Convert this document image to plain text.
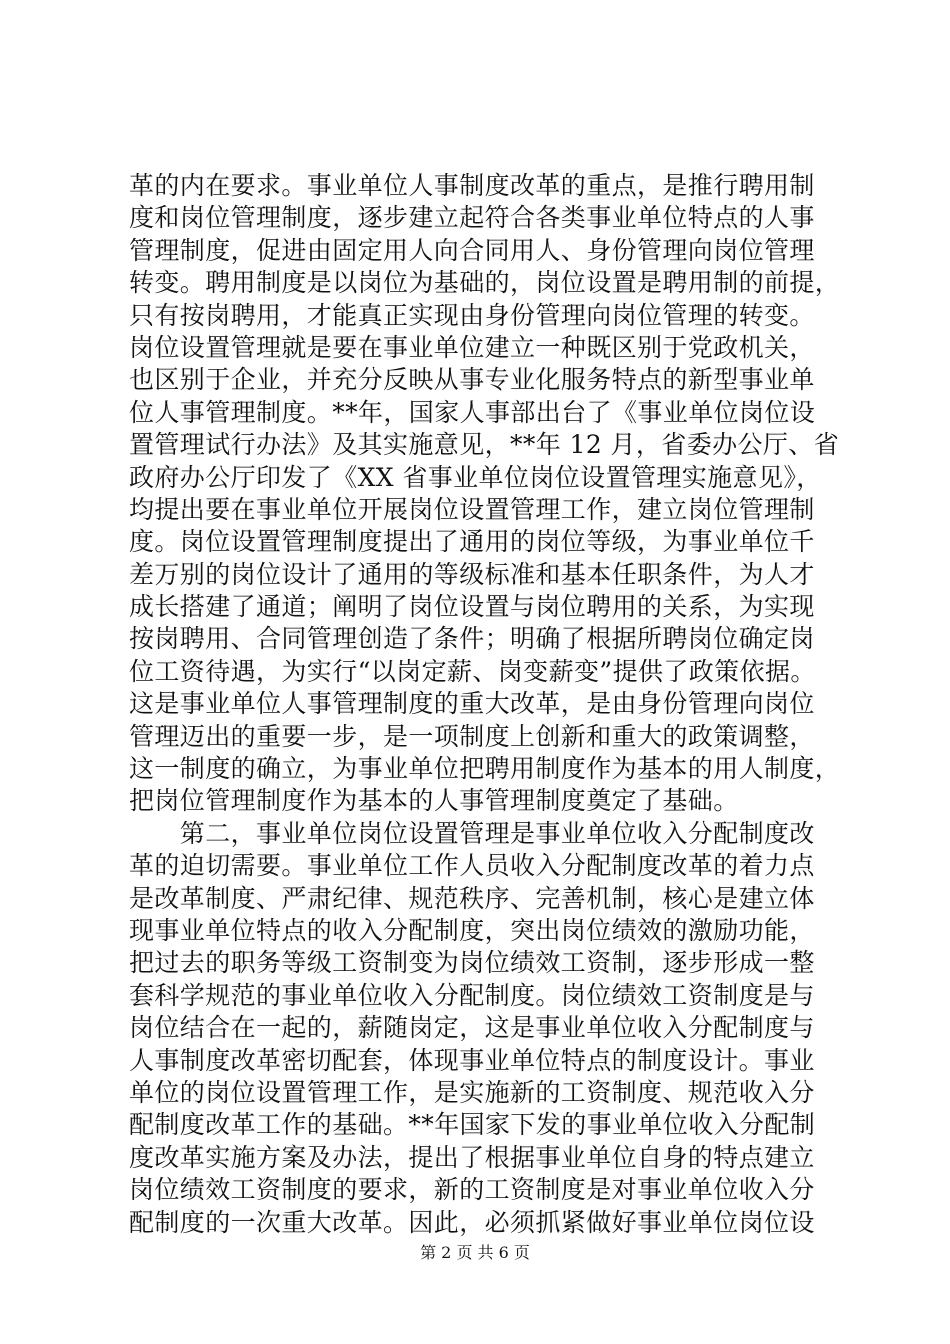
革的内在要求。事业单位人事制度改革的重点，是推行聘用制
度和岗位管理制度，逐步建立起符合各类事业单位特点的人事
管理制度，促进由固定用人向合同用人、身份管理向岗位管理
转变。聘用制度是以岗位为基础的，岗位设置是聘用制的前提，
只有按岗聘用，才能真正实现由身份管理向岗位管理的转变。
岗位设置管理就是要在事业单位建立一种既区别于党政机关，
也区别于企业，并充分反映从事专业化服务特点的新型事业单
位人事管理制度。**年，国家人事部出台了《事业单位岗位设
置管理试行办法》及其实施意见，**年 12 月，省委办公厅、省
政府办公厅印发了《XX 省事业单位岗位设置管理实施意见》，
均提出要在事业单位开展岗位设置管理工作，建立岗位管理制
度。岗位设置管理制度提出了通用的岗位等级，为事业单位千
差万别的岗位设计了通用的等级标准和基本任职条件，为人才
成长搭建了通道；阐明了岗位设置与岗位聘用的关系，为实现
按岗聘用、合同管理创造了条件；明确了根据所聘岗位确定岗
位工资待遇，为实行“以岗定薪、岗变薪变”提供了政策依据。
这是事业单位人事管理制度的重大改革，是由身份管理向岗位
管理迈出的重要一步，是一项制度上创新和重大的政策调整，
这一制度的确立，为事业单位把聘用制度作为基本的用人制度，
把岗位管理制度作为基本的人事管理制度奠定了基础。
　　第二，事业单位岗位设置管理是事业单位收入分配制度改
革的迫切需要。事业单位工作人员收入分配制度改革的着力点
是改革制度、严肃纪律、规范秩序、完善机制，核心是建立体
现事业单位特点的收入分配制度，突出岗位绩效的激励功能，
把过去的职务等级工资制变为岗位绩效工资制，逐步形成一整
套科学规范的事业单位收入分配制度。岗位绩效工资制度是与
岗位结合在一起的，薪随岗定，这是事业单位收入分配制度与
人事制度改革密切配套，体现事业单位特点的制度设计。事业
单位的岗位设置管理工作，是实施新的工资制度、规范收入分
配制度改革工作的基础。**年国家下发的事业单位收入分配制
度改革实施方案及办法，提出了根据事业单位自身的特点建立
岗位绩效工资制度的要求，新的工资制度是对事业单位收入分
配制度的一次重大改革。因此，必须抓紧做好事业单位岗位设
第 2 页 共 6 页
